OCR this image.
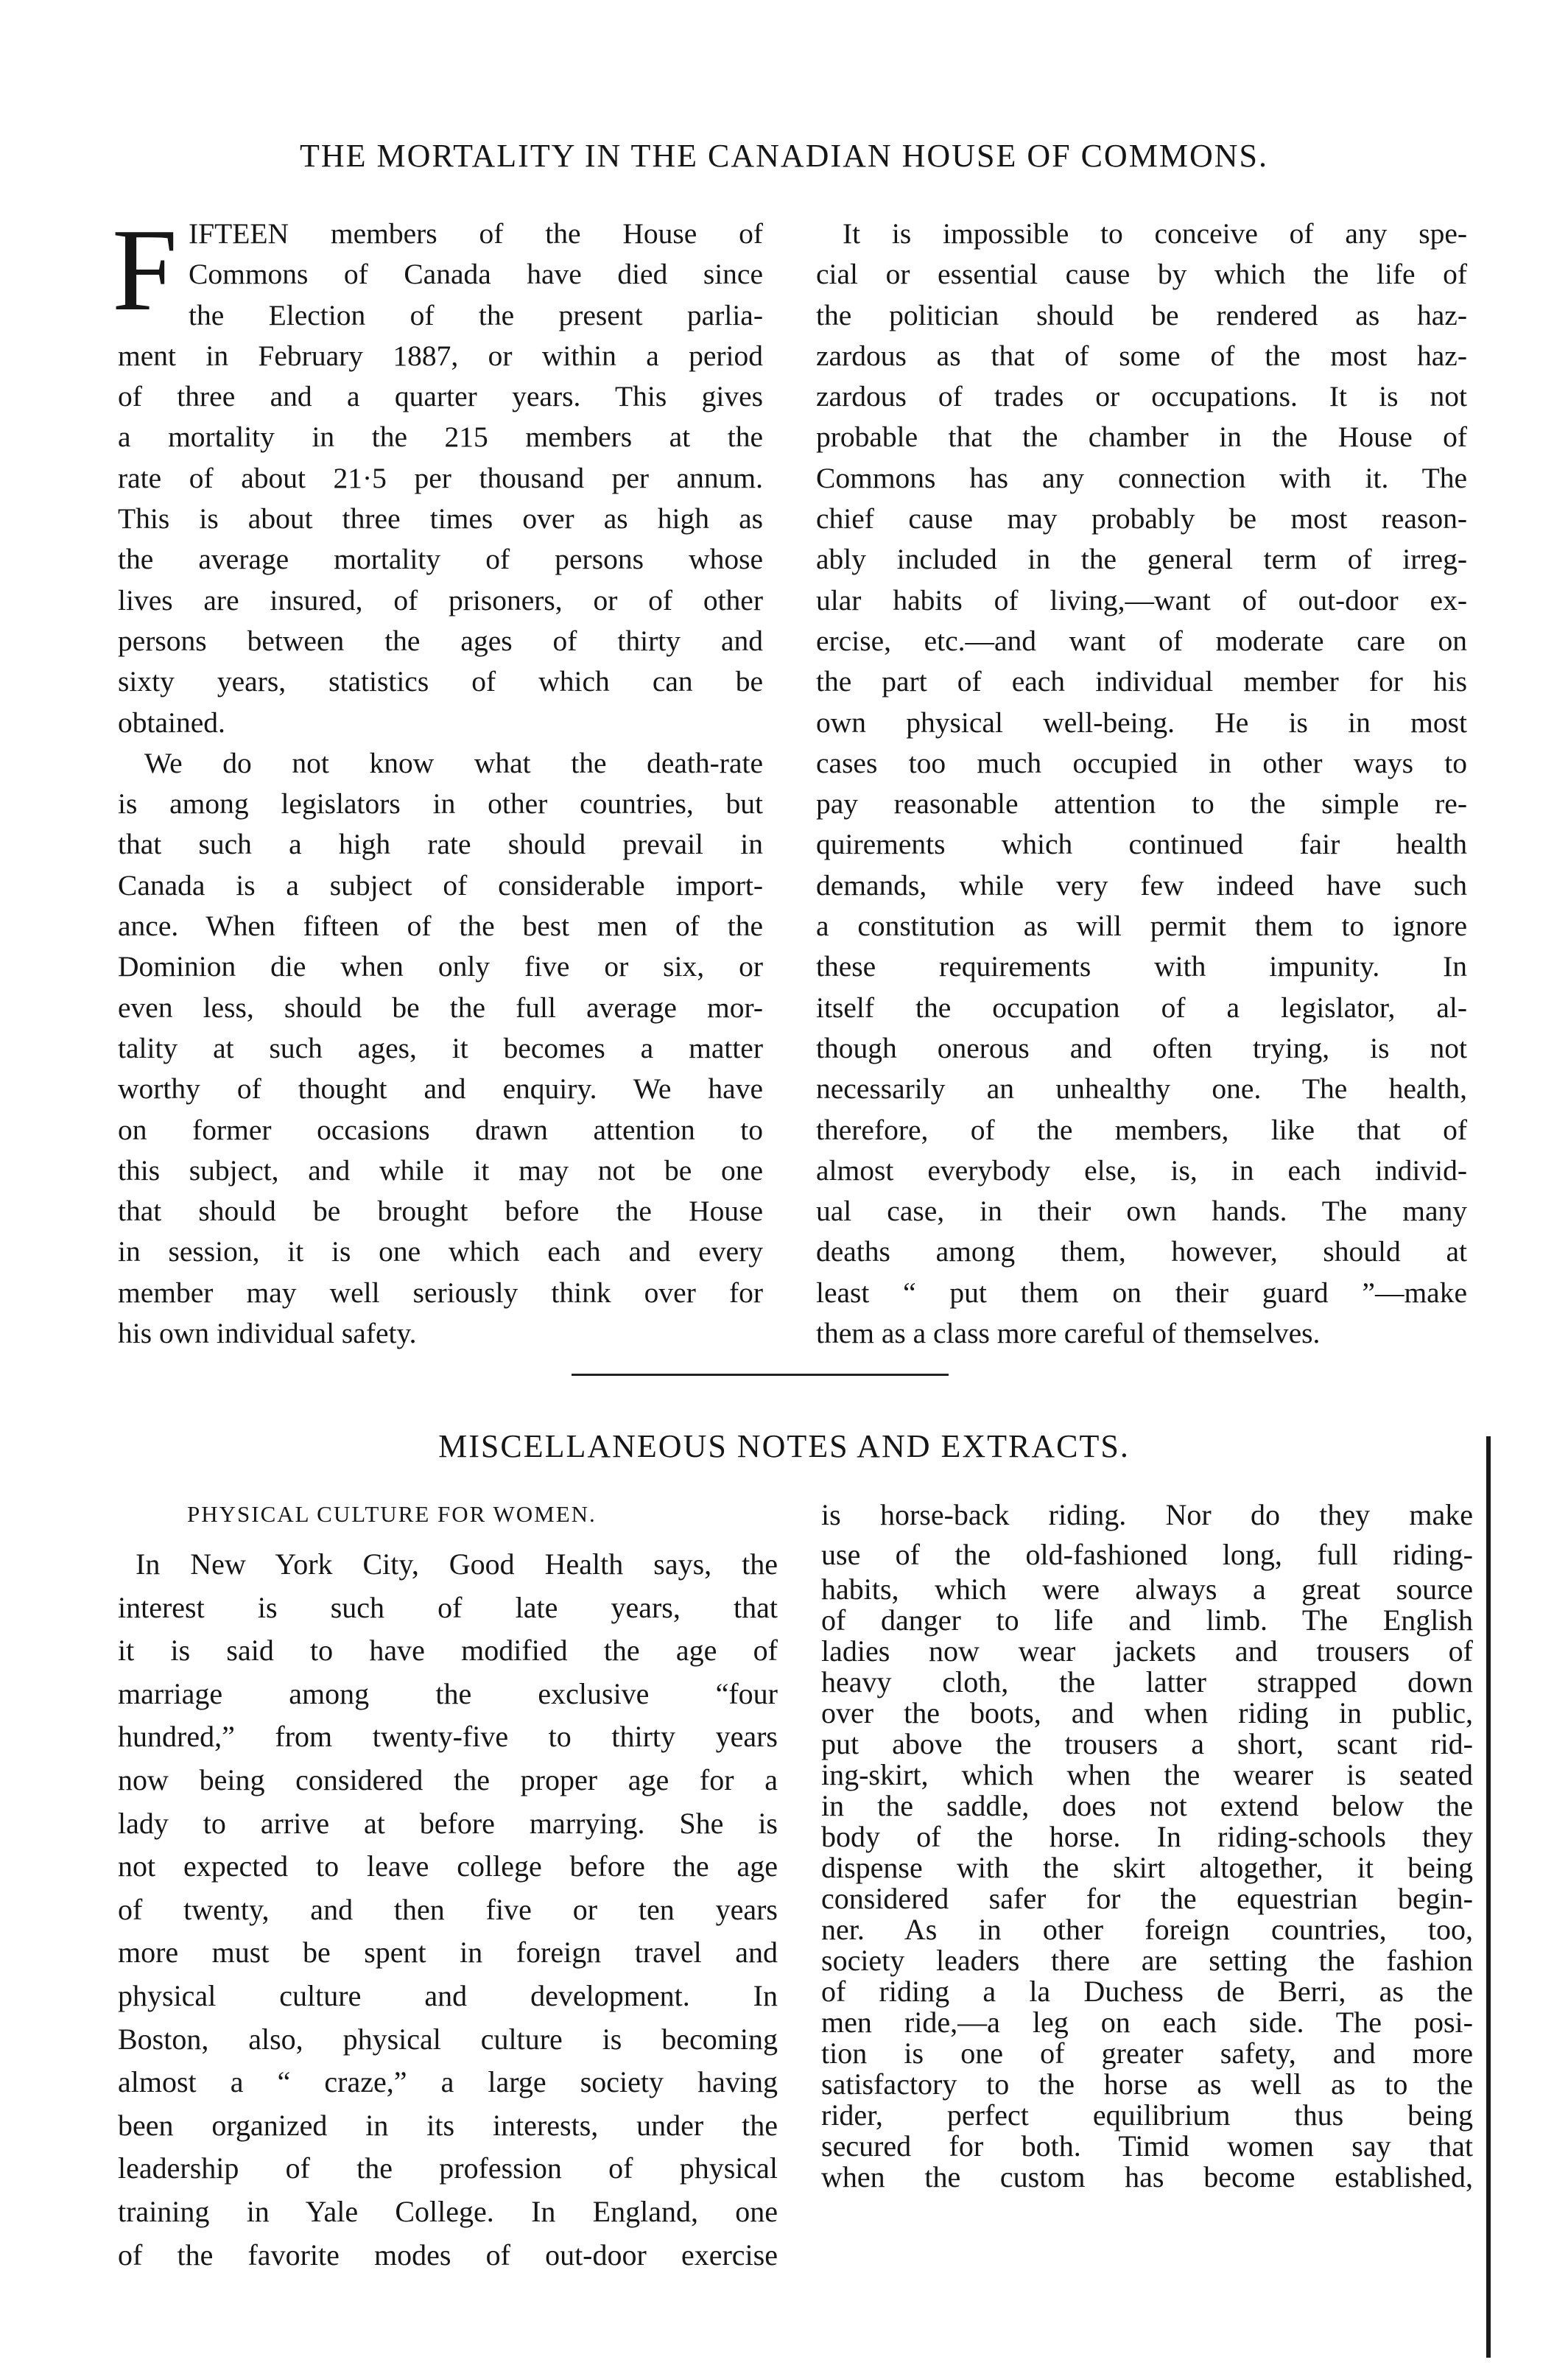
THE MORTALITY IN THE CANADIAN HOUSE OF COMMONS.
F IFTEEN members of the House of
Commons of Canada have died since
the Election of the present parlia-
ment in February 1887, or within a period
of three and a quarter years. This gives
a mortality in the 215 members at the
rate of about 21·5 per thousand per annum.
This is about three times over as high as
the average mortality of persons whose
lives are insured, of prisoners, or of other
persons between the ages of thirty and
sixty years, statistics of which can be
obtained.
We do not know what the death-rate
is among legislators in other countries, but
that such a high rate should prevail in
Canada is a subject of considerable import-
ance. When fifteen of the best men of the
Dominion die when only five or six, or
even less, should be the full average mor-
tality at such ages, it becomes a matter
worthy of thought and enquiry. We have
on former occasions drawn attention to
this subject, and while it may not be one
that should be brought before the House
in session, it is one which each and every
member may well seriously think over for
his own individual safety.
It is impossible to conceive of any spe-
cial or essential cause by which the life of
the politician should be rendered as haz-
zardous as that of some of the most haz-
zardous of trades or occupations. It is not
probable that the chamber in the House of
Commons has any connection with it. The
chief cause may probably be most reason-
ably included in the general term of irreg-
ular habits of living,—want of out-door ex-
ercise, etc.—and want of moderate care on
the part of each individual member for his
own physical well-being. He is in most
cases too much occupied in other ways to
pay reasonable attention to the simple re-
quirements which continued fair health
demands, while very few indeed have such
a constitution as will permit them to ignore
these requirements with impunity. In
itself the occupation of a legislator, al-
though onerous and often trying, is not
necessarily an unhealthy one. The health,
therefore, of the members, like that of
almost everybody else, is, in each individ-
ual case, in their own hands. The many
deaths among them, however, should at
least “ put them on their guard ”—make
them as a class more careful of themselves.
MISCELLANEOUS NOTES AND EXTRACTS.
PHYSICAL CULTURE FOR WOMEN.
In New York City, Good Health says, the
interest is such of late years, that
it is said to have modified the age of
marriage among the exclusive “four
hundred,” from twenty-five to thirty years
now being considered the proper age for a
lady to arrive at before marrying. She is
not expected to leave college before the age
of twenty, and then five or ten years
more must be spent in foreign travel and
physical culture and development. In
Boston, also, physical culture is becoming
almost a “ craze,” a large society having
been organized in its interests, under the
leadership of the profession of physical
training in Yale College. In England, one
of the favorite modes of out-door exercise
is horse-back riding. Nor do they make
use of the old-fashioned long, full riding-
habits, which were always a great source
of danger to life and limb. The English
ladies now wear jackets and trousers of
heavy cloth, the latter strapped down
over the boots, and when riding in public,
put above the trousers a short, scant rid-
ing-skirt, which when the wearer is seated
in the saddle, does not extend below the
body of the horse. In riding-schools they
dispense with the skirt altogether, it being
considered safer for the equestrian begin-
ner. As in other foreign countries, too,
society leaders there are setting the fashion
of riding a la Duchess de Berri, as the
men ride,—a leg on each side. The posi-
tion is one of greater safety, and more
satisfactory to the horse as well as to the
rider, perfect equilibrium thus being
secured for both. Timid women say that
when the custom has become established,
